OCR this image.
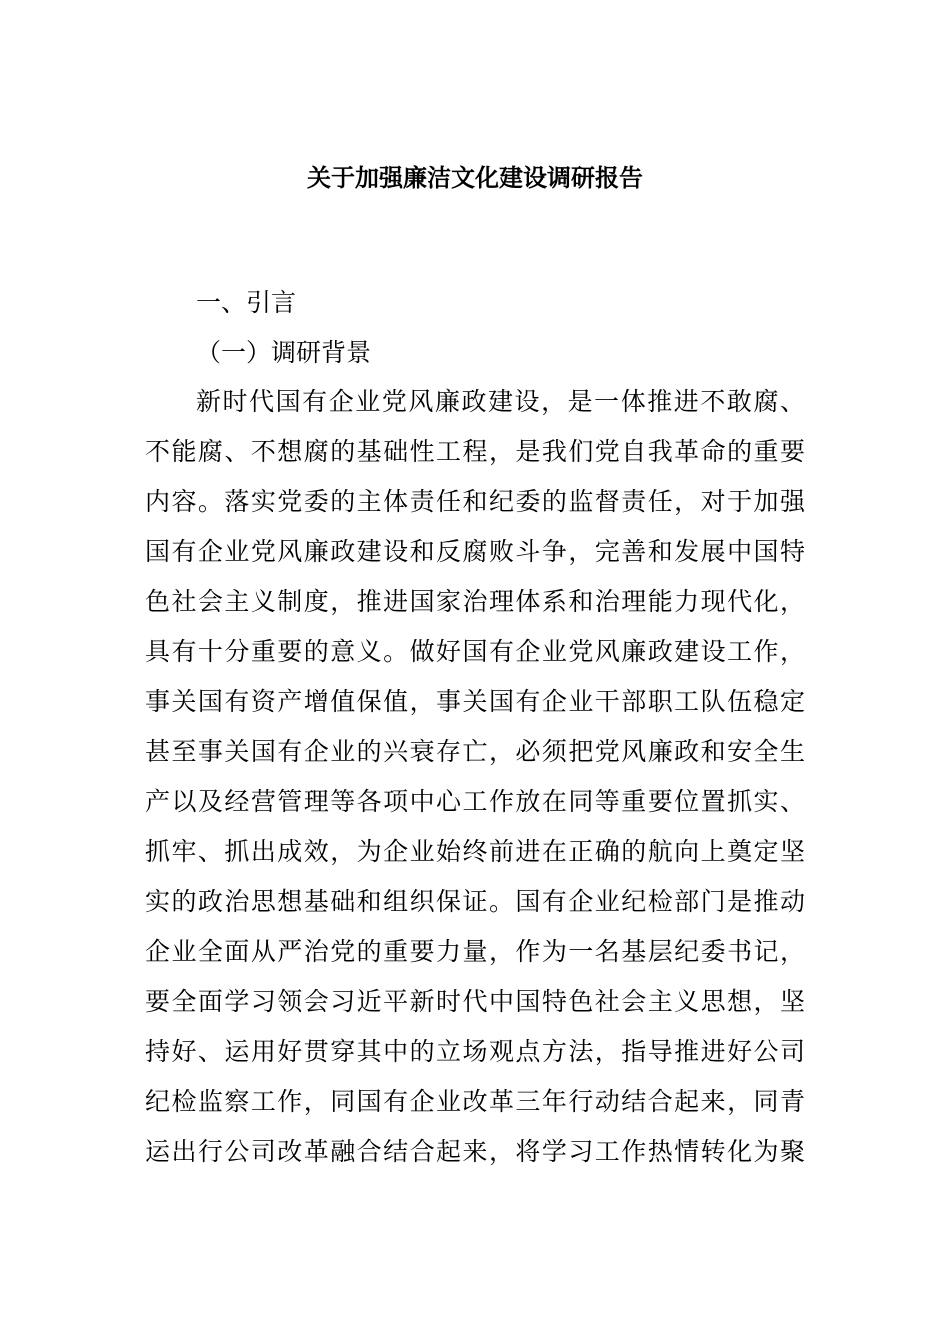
关于加强廉洁文化建设调研报告
一、引言
（一）调研背景
新时代国有企业党风廉政建设，是一体推进不敢腐、
不能腐、不想腐的基础性工程，是我们党自我革命的重要
内容。落实党委的主体责任和纪委的监督责任，对于加强
国有企业党风廉政建设和反腐败斗争，完善和发展中国特
色社会主义制度，推进国家治理体系和治理能力现代化，
具有十分重要的意义。做好国有企业党风廉政建设工作，
事关国有资产增值保值，事关国有企业干部职工队伍稳定
甚至事关国有企业的兴衰存亡，必须把党风廉政和安全生
产以及经营管理等各项中心工作放在同等重要位置抓实、
抓牢、抓出成效，为企业始终前进在正确的航向上奠定坚
实的政治思想基础和组织保证。国有企业纪检部门是推动
企业全面从严治党的重要力量，作为一名基层纪委书记，
要全面学习领会习近平新时代中国特色社会主义思想，坚
持好、运用好贯穿其中的立场观点方法，指导推进好公司
纪检监察工作，同国有企业改革三年行动结合起来，同青
运出行公司改革融合结合起来，将学习工作热情转化为聚
